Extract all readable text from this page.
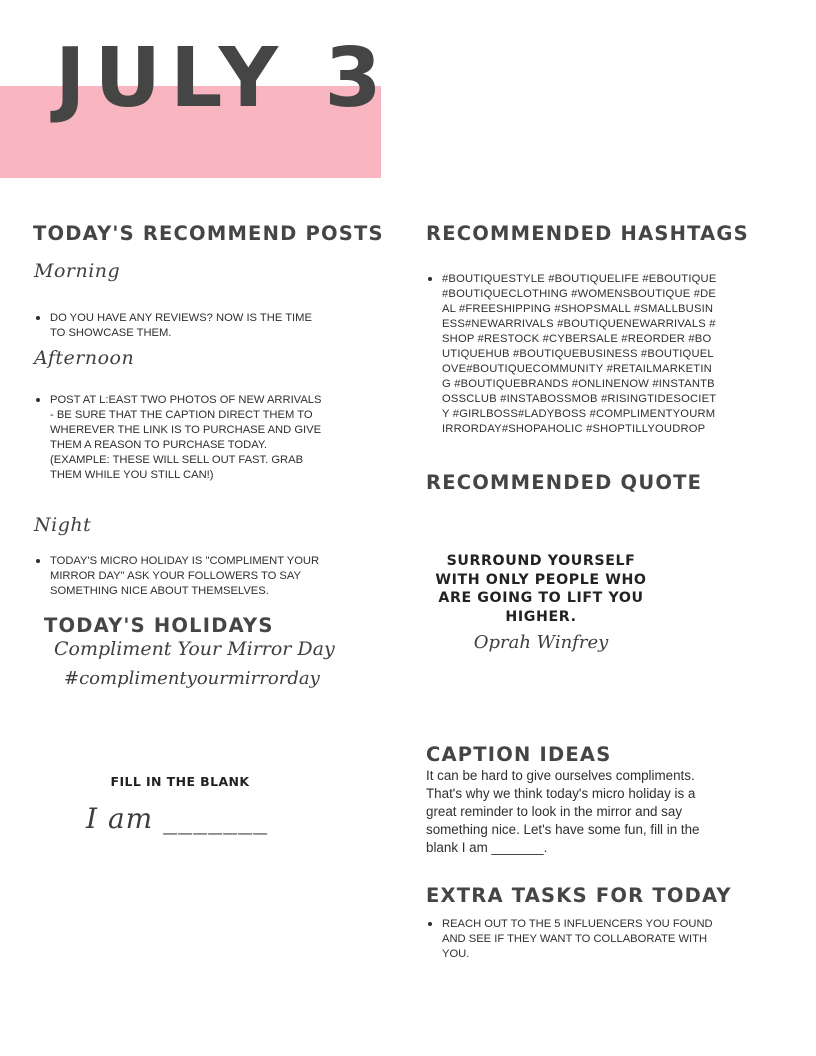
JULY 3
TODAY'S RECOMMEND POSTS
Morning
DO YOU HAVE ANY REVIEWS? NOW IS THE TIME TO SHOWCASE THEM.
Afternoon
POST AT L:EAST TWO PHOTOS OF NEW ARRIVALS - BE SURE THAT THE CAPTION DIRECT THEM TO WHEREVER THE LINK IS TO PURCHASE AND GIVE THEM A REASON TO PURCHASE TODAY. (EXAMPLE: THESE WILL SELL OUT FAST. GRAB THEM WHILE YOU STILL CAN!)
Night
TODAY'S MICRO HOLIDAY IS "COMPLIMENT YOUR MIRROR DAY" ASK YOUR FOLLOWERS TO SAY SOMETHING NICE ABOUT THEMSELVES.
TODAY'S HOLIDAYS
Compliment Your Mirror Day
#complimentyourmirrorday
FILL IN THE BLANK
I am _______
RECOMMENDED HASHTAGS
#BOUTIQUESTYLE #BOUTIQUELIFE #EBOUTIQUE #BOUTIQUECLOTHING #WOMENSBOUTIQUE #DEAL #FREESHIPPING #SHOPSMALL #SMALLBUSINESS#NEWARRIVALS #BOUTIQUENEWARRIVALS #SHOP #RESTOCK #CYBERSALE #REORDER #BOUTIQUEHUB #BOUTIQUEBUSINESS #BOUTIQUELOVE#BOUTIQUECOMMUNITY #RETAILMARKETING #BOUTIQUEBRANDS #ONLINENOW #INSTANTBOSSCLUB #INSTABOSSMOB #RISINGTIDESOCIETY #GIRLBOSS#LADYBOSS #COMPLIMENTYOURMIRRORDAY#SHOPAHOLIC #SHOPTILLYOUDROP
RECOMMENDED QUOTE
SURROUND YOURSELF WITH ONLY PEOPLE WHO ARE GOING TO LIFT YOU HIGHER.
Oprah Winfrey
CAPTION IDEAS
It can be hard to give ourselves compliments. That's why we think today's micro holiday is a great reminder to look in the mirror and say something nice. Let's have some fun, fill in the blank I am _______.
EXTRA TASKS FOR TODAY
REACH OUT TO THE 5 INFLUENCERS YOU FOUND AND SEE IF THEY WANT TO COLLABORATE WITH YOU.
